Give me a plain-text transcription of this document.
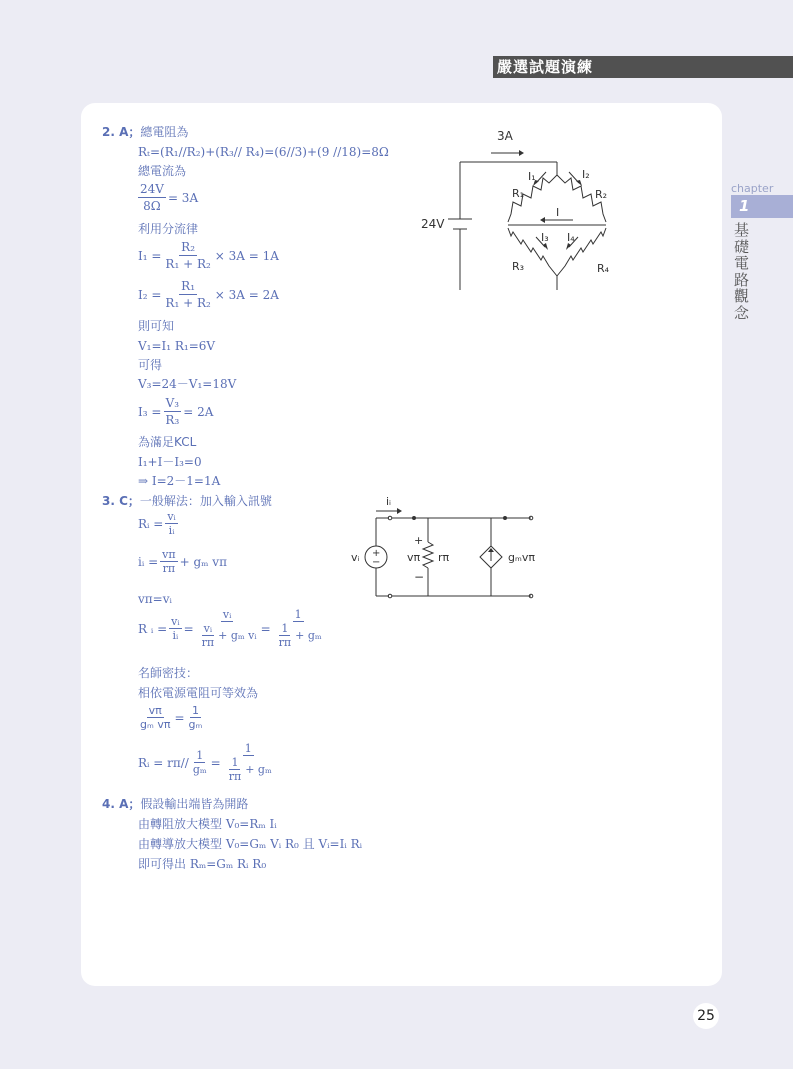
嚴選試題演練
chapter
1
基礎電路觀念
2. A；總電阻為
Rₜ=(R₁//R₂)+(R₃// R₄)=(6//3)+(9 //18)=8Ω
總電流為
$\frac{24V}{8\Omega} = 3A$
利用分流律
$I_1 = \frac{\text{R₂}}{\text{R₁ + R₂}} \times 3A = 1A$
$I_2 = \frac{\text{R₁}}{\text{R₁ + R₂}} \times 3A = 2A$
則可知
V₁=I₁ R₁=6V
可得
V₃=24－V₁=18V
$I_3 = \frac{\text{V₃}}{\text{R₃}} = 2A$
為滿足KCL
I₁+I－I₃=0
⇒ I=2－1=1A
3. C；一般解法：加入輸入訊號
Rᵢ = $\frac{\text{vᵢ}}{\text{iᵢ}}$
iᵢ = $\frac{v\pi}{r\pi} + g_m$ vπ
vπ=vᵢ
R ᵢ = $\frac{\text{vᵢ}}{\text{iᵢ}} = \frac{\text{vᵢ}}{\frac{\text{vᵢ}}{r\pi} + g_m vᵢ} = \frac{1}{\frac{1}{r\pi} + g_m}$
名師密技：
相依電源電阻可等效為
$\frac{v\pi}{\text{gₘ vπ}} = \frac{1}{\text{gₘ}}$
Rᵢ = $r\pi// \frac{1}{\text{gₘ}} = \frac{1}{\frac{1}{r\pi} + g_m}$
4. A；假設輸出端皆為開路
由轉阻放大模型 V₀=Rₘ Iᵢ
由轉導放大模型 V₀=Gₘ Vᵢ R₀ 且 Vᵢ=Iᵢ Rᵢ
即可得出 Rₘ=Gₘ Rᵢ R₀
3A
24V
I₁	I₂
R₁	R₂
I
I₃ I₄
R₃	R₄
iᵢ
vᵢ +
−
+
vπ
−
rπ	gₘvπ
25
